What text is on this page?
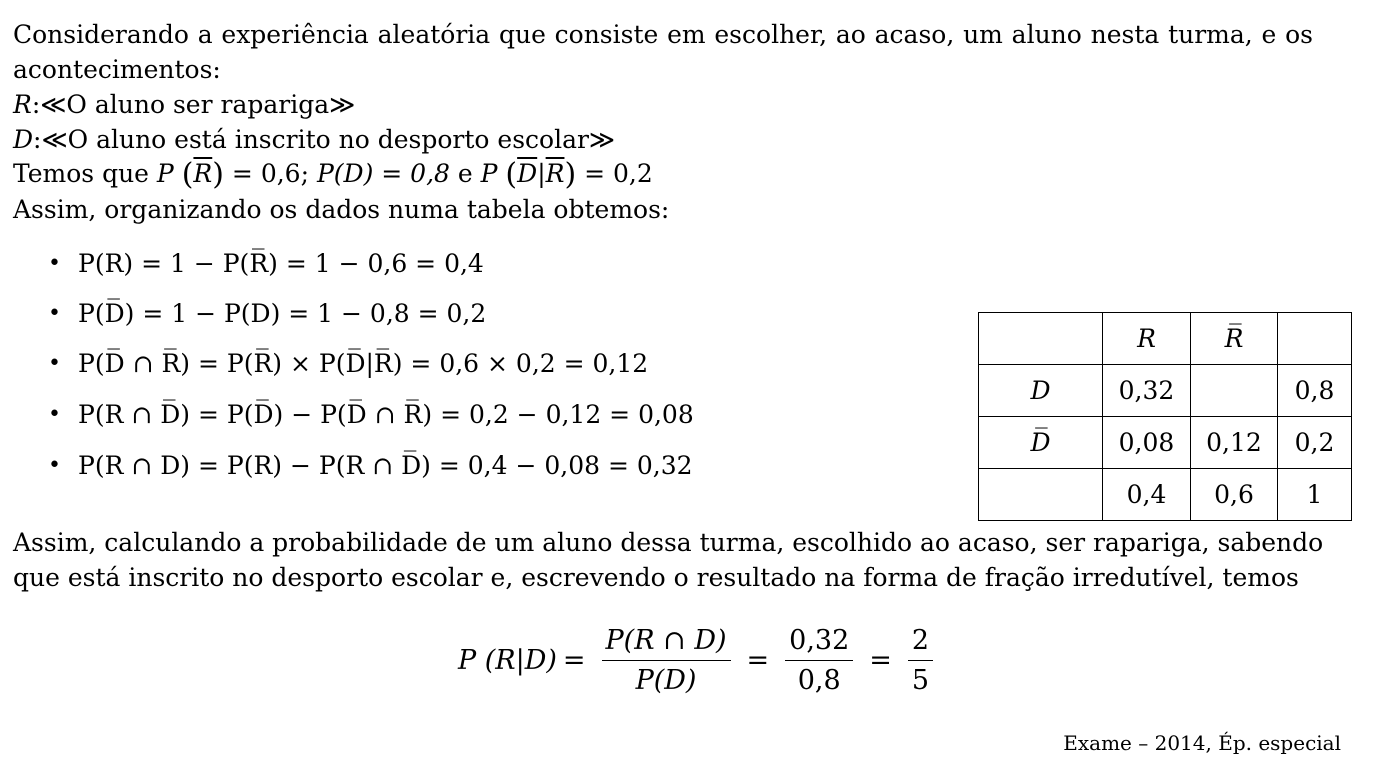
Considerando a experiência aleatória que consiste em escolher, ao acaso, um aluno nesta turma, e os
acontecimentos:
R:≪O aluno ser rapariga≫
D:≪O aluno está inscrito no desporto escolar≫
Temos que P $(\overline{R}) = 0,6$; P(D) = 0,8 e P $(\overline{D}|\overline{R}) = 0,2$
Assim, organizando os dados numa tabela obtemos:
• P(R) = 1 − P(R̅) = 1 − 0,6 = 0,4
• P(D̅) = 1 − P(D) = 1 − 0,8 = 0,2
• P(D̅ ∩ R̅) = P(R̅) × P(D̅|R̅) = 0,6 × 0,2 = 0,12
• P(R ∩ D̅) = P(D̅) − P(D̅ ∩ R̅) = 0,2 − 0,12 = 0,08
• P(R ∩ D) = P(R) − P(R ∩ D̅) = 0,4 − 0,08 = 0,32
	R	R̅	
D	0,32		0,8
D̅	0,08	0,12	0,2
	0,4	0,6	1
Assim, calculando a probabilidade de um aluno dessa turma, escolhido ao acaso, ser rapariga, sabendo
que está inscrito no desporto escolar e, escrevendo o resultado na forma de fração irredutível, temos
P $(R|D) = \frac{P(R \cap D)}{P(D)} = \frac{0,32}{0,8} = \frac{2}{5}$
Exame – 2014, Ép. especial
